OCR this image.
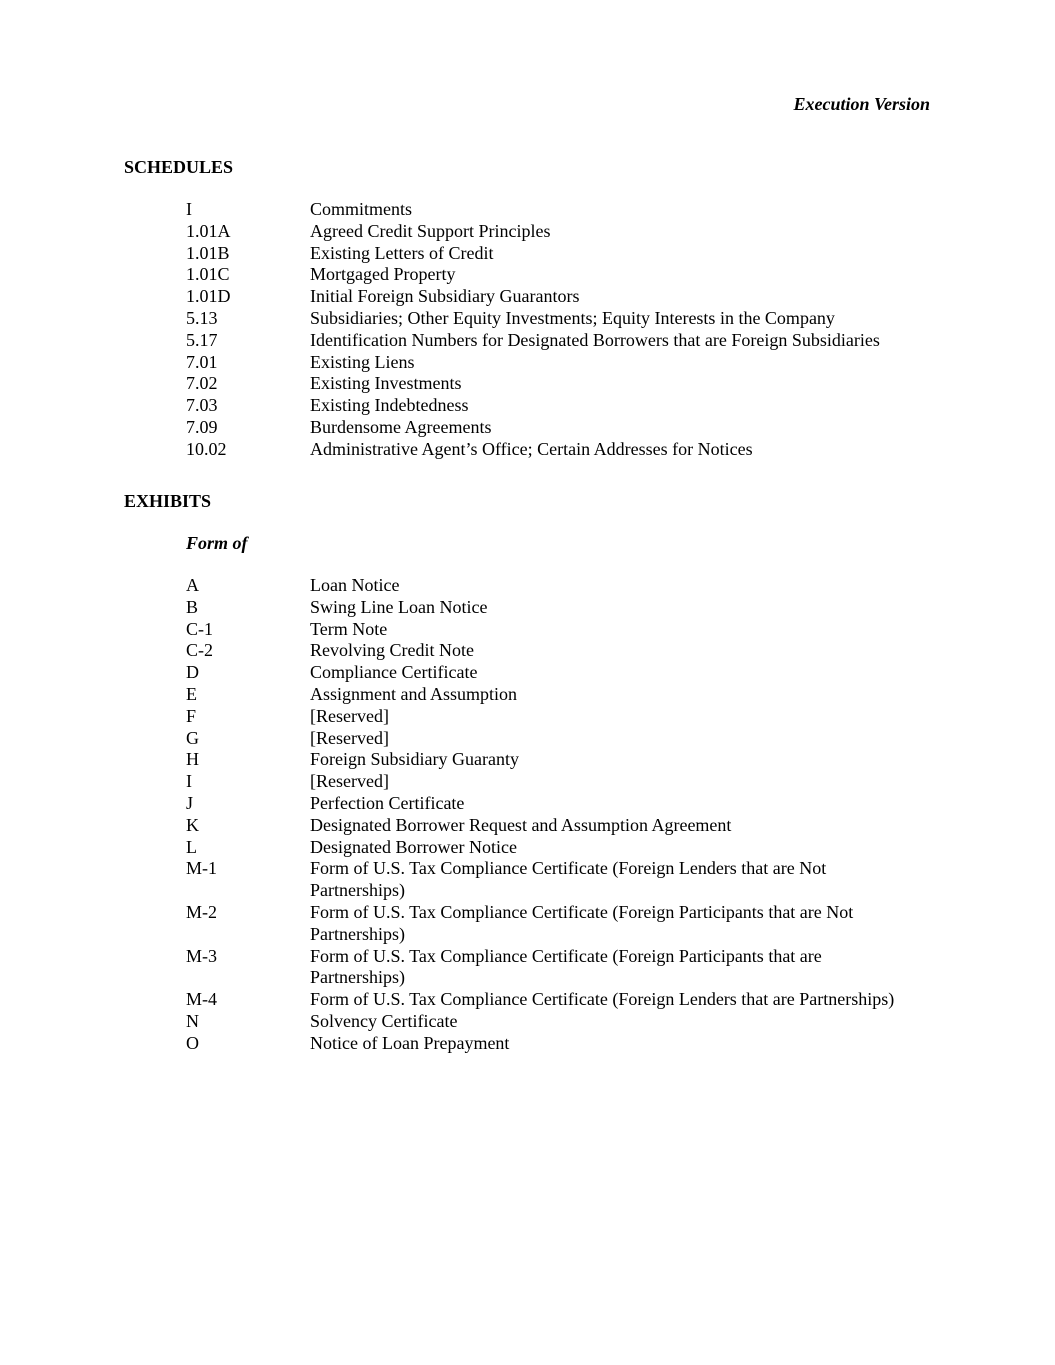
Execution Version
SCHEDULES
I	Commitments
1.01A	Agreed Credit Support Principles
1.01B	Existing Letters of Credit
1.01C	Mortgaged Property
1.01D	Initial Foreign Subsidiary Guarantors
5.13	Subsidiaries; Other Equity Investments; Equity Interests in the Company
5.17	Identification Numbers for Designated Borrowers that are Foreign Subsidiaries
7.01	Existing Liens
7.02	Existing Investments
7.03	Existing Indebtedness
7.09	Burdensome Agreements
10.02	Administrative Agent’s Office; Certain Addresses for Notices
EXHIBITS
Form of
A	Loan Notice
B	Swing Line Loan Notice
C-1	Term Note
C-2	Revolving Credit Note
D	Compliance Certificate
E	Assignment and Assumption
F	[Reserved]
G	[Reserved]
H	Foreign Subsidiary Guaranty
I	[Reserved]
J	Perfection Certificate
K	Designated Borrower Request and Assumption Agreement
L	Designated Borrower Notice
M-1	Form of U.S. Tax Compliance Certificate (Foreign Lenders that are Not Partnerships)
M-2	Form of U.S. Tax Compliance Certificate (Foreign Participants that are Not Partnerships)
M-3	Form of U.S. Tax Compliance Certificate (Foreign Participants that are Partnerships)
M-4	Form of U.S. Tax Compliance Certificate (Foreign Lenders that are Partnerships)
N	Solvency Certificate
O	Notice of Loan Prepayment
